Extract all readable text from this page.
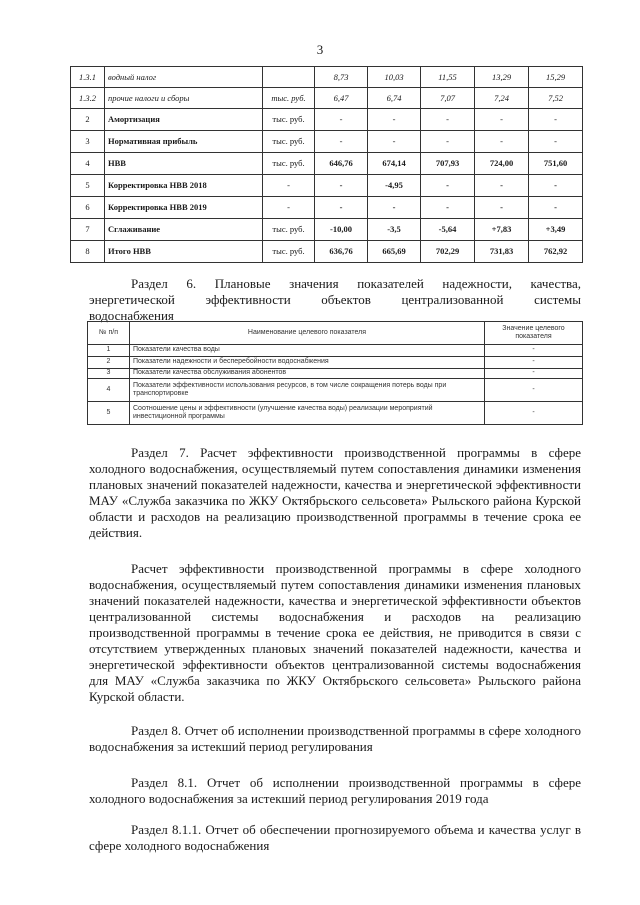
3
1.3.1	водный налог		8,73	10,03	11,55	13,29	15,29
1.3.2	прочие налоги и сборы	тыс. руб.	6,47	6,74	7,07	7,24	7,52
2	Амортизация	тыс. руб.	-	-	-	-	-
3	Нормативная прибыль	тыс. руб.	-	-	-	-	-
4	НВВ	тыс. руб.	646,76	674,14	707,93	724,00	751,60
5	Корректировка НВВ 2018	-	-	-4,95	-	-	-
6	Корректировка НВВ 2019	-	-	-	-	-	-
7	Сглаживание	тыс. руб.	-10,00	-3,5	-5,64	+7,83	+3,49
8	Итого НВВ	тыс. руб.	636,76	665,69	702,29	731,83	762,92
Раздел 6. Плановые значения показателей надежности, качества,
энергетической эффективности объектов централизованной системы
водоснабжения
№ п/п	Наименование целевого показателя	Значение целевого показателя
1	Показатели качества воды	-
2	Показатели надежности и бесперебойности водоснабжения	-
3	Показатели качества обслуживания абонентов	-
4	Показатели эффективности использования ресурсов, в том числе сокращения потерь воды при транспортировке	-
5	Соотношение цены и эффективности (улучшение качества воды) реализации мероприятий инвестиционной программы	-
Раздел 7. Расчет эффективности производственной программы в сфере холодного водоснабжения, осуществляемый путем сопоставления динамики изменения плановых значений показателей надежности, качества и энергетической эффективности МАУ «Служба заказчика по ЖКУ Октябрьского сельсовета» Рыльского района Курской области и расходов на реализацию производственной программы в течение срока ее действия.
Расчет эффективности производственной программы в сфере холодного водоснабжения, осуществляемый путем сопоставления динамики изменения плановых значений показателей надежности, качества и энергетической эффективности объектов централизованной системы водоснабжения и расходов на реализацию производственной программы в течение срока ее действия, не приводится в связи с отсутствием утвержденных плановых значений показателей надежности, качества и энергетической эффективности объектов централизованной системы водоснабжения для МАУ «Служба заказчика по ЖКУ Октябрьского сельсовета» Рыльского района Курской области.
Раздел 8. Отчет об исполнении производственной программы в сфере холодного водоснабжения за истекший период регулирования
Раздел 8.1. Отчет об исполнении производственной программы в сфере холодного водоснабжения за истекший период регулирования 2019 года
Раздел 8.1.1. Отчет об обеспечении прогнозируемого объема и качества услуг в сфере холодного водоснабжения
